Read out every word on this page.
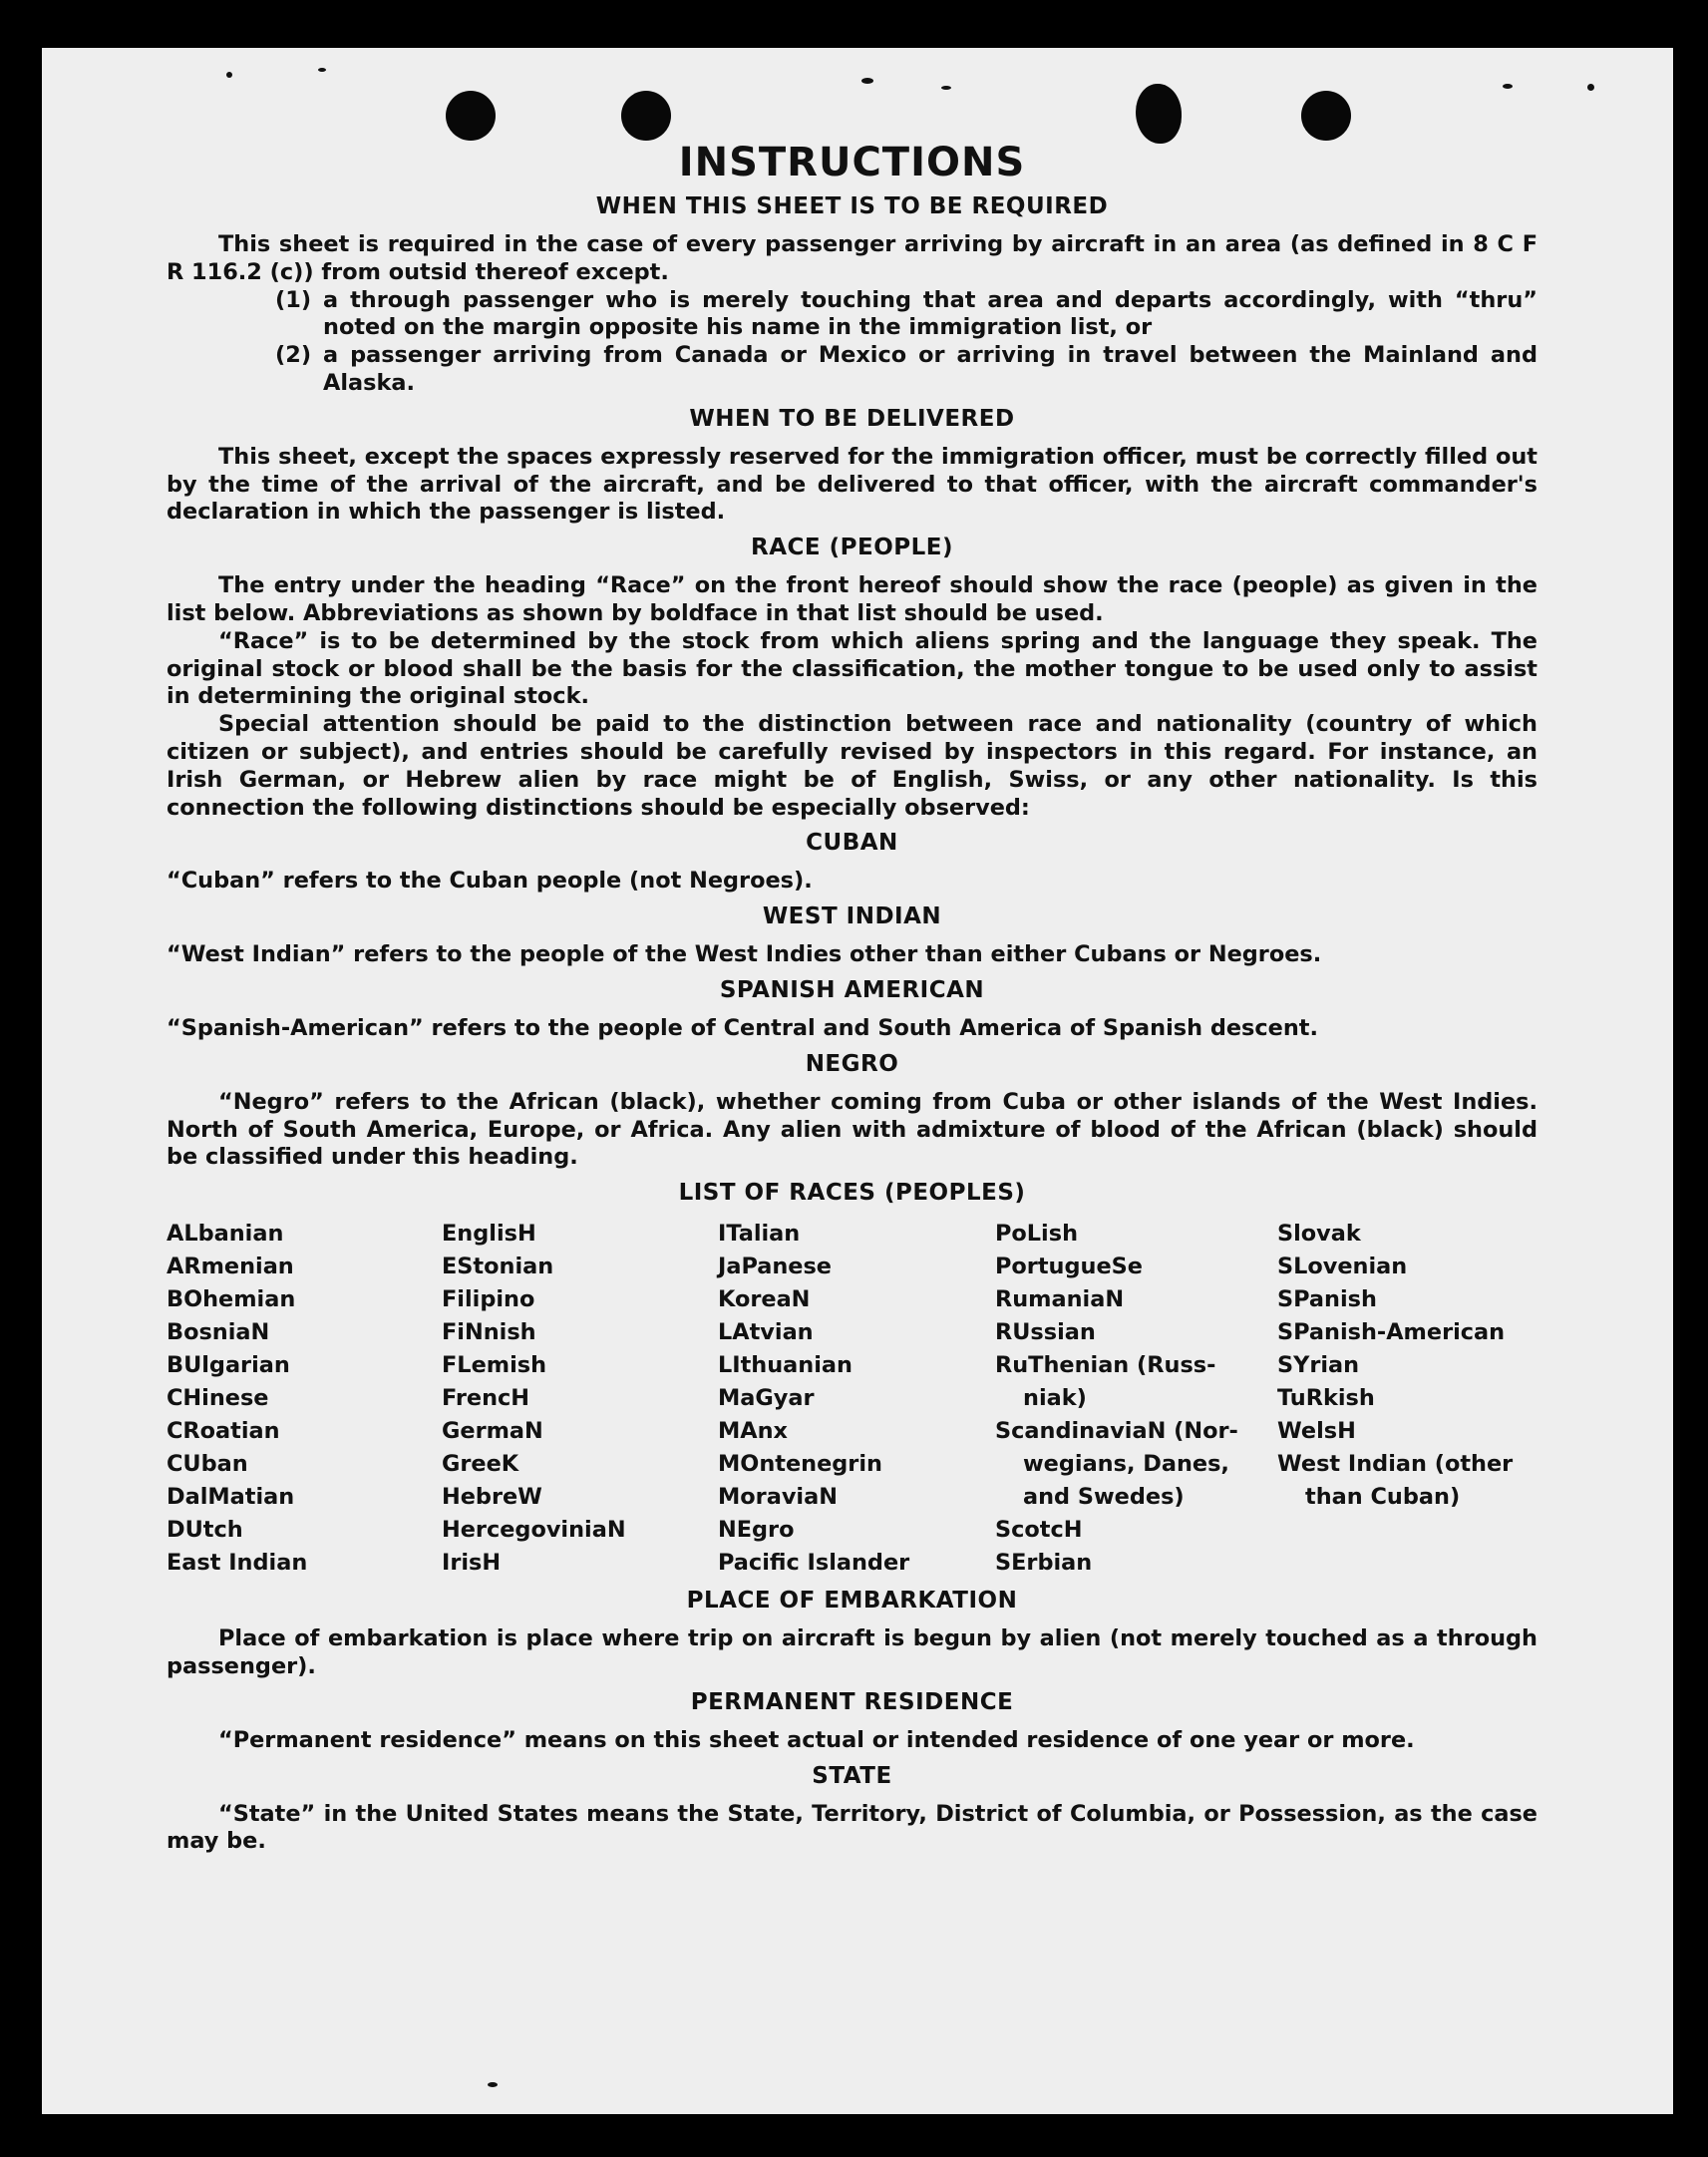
INSTRUCTIONS
WHEN THIS SHEET IS TO BE REQUIRED

This sheet is required in the case of every passenger arriving by aircraft in an area (as defined in 8 C F R 116.2 (c)) from outsid thereof except.

(1) a through passenger who is merely touching that area and departs accordingly, with “thru” noted on the margin opposite his name in the immigration list, or
(2) a passenger arriving from Canada or Mexico or arriving in travel between the Mainland and Alaska.
WHEN TO BE DELIVERED

This sheet, except the spaces expressly reserved for the immigration officer, must be correctly filled out by the time of the arrival of the aircraft, and be delivered to that officer, with the aircraft commander's declaration in which the passenger is listed.

RACE (PEOPLE)

The entry under the heading “Race” on the front hereof should show the race (people) as given in the list below. Abbreviations as shown by boldface in that list should be used.

“Race” is to be determined by the stock from which aliens spring and the language they speak. The original stock or blood shall be the basis for the classification, the mother tongue to be used only to assist in determining the original stock.

Special attention should be paid to the distinction between race and nationality (country of which citizen or subject), and entries should be carefully revised by inspectors in this regard. For instance, an Irish German, or Hebrew alien by race might be of English, Swiss, or any other nationality. Is this connection the following distinctions should be especially observed:

CUBAN

“Cuban” refers to the Cuban people (not Negroes).

WEST INDIAN

“West Indian” refers to the people of the West Indies other than either Cubans or Negroes.

SPANISH AMERICAN

“Spanish-American” refers to the people of Central and South America of Spanish descent.

NEGRO

“Negro” refers to the African (black), whether coming from Cuba or other islands of the West Indies. North of South America, Europe, or Africa. Any alien with admixture of blood of the African (black) should be classified under this heading.

LIST OF RACES (PEOPLES)
ALbanian
ARmenian
BOhemian
BosniaN
BUlgarian
CHinese
CRoatian
CUban
DalMatian
DUtch
East Indian
EnglisH
EStonian
Filipino
FiNnish
FLemish
FrencH
GermaN
GreeK
HebreW
HercegoviniaN
IrisH
ITalian
JaPanese
KoreaN
LAtvian
LIthuanian
MaGyar
MAnx
MOntenegrin
MoraviaN
NEgro
Pacific Islander
PoLish
PortugueSe
RumaniaN
RUssian
RuThenian (Russ-
niak)
ScandinaviaN (Nor-
wegians, Danes,
and Swedes)
ScotcH
SErbian
Slovak
SLovenian
SPanish
SPanish-American
SYrian
TuRkish
WelsH
West Indian (other
than Cuban)
PLACE OF EMBARKATION

Place of embarkation is place where trip on aircraft is begun by alien (not merely touched as a through passenger).

PERMANENT RESIDENCE

“Permanent residence” means on this sheet actual or intended residence of one year or more.

STATE

“State” in the United States means the State, Territory, District of Columbia, or Possession, as the case may be.
